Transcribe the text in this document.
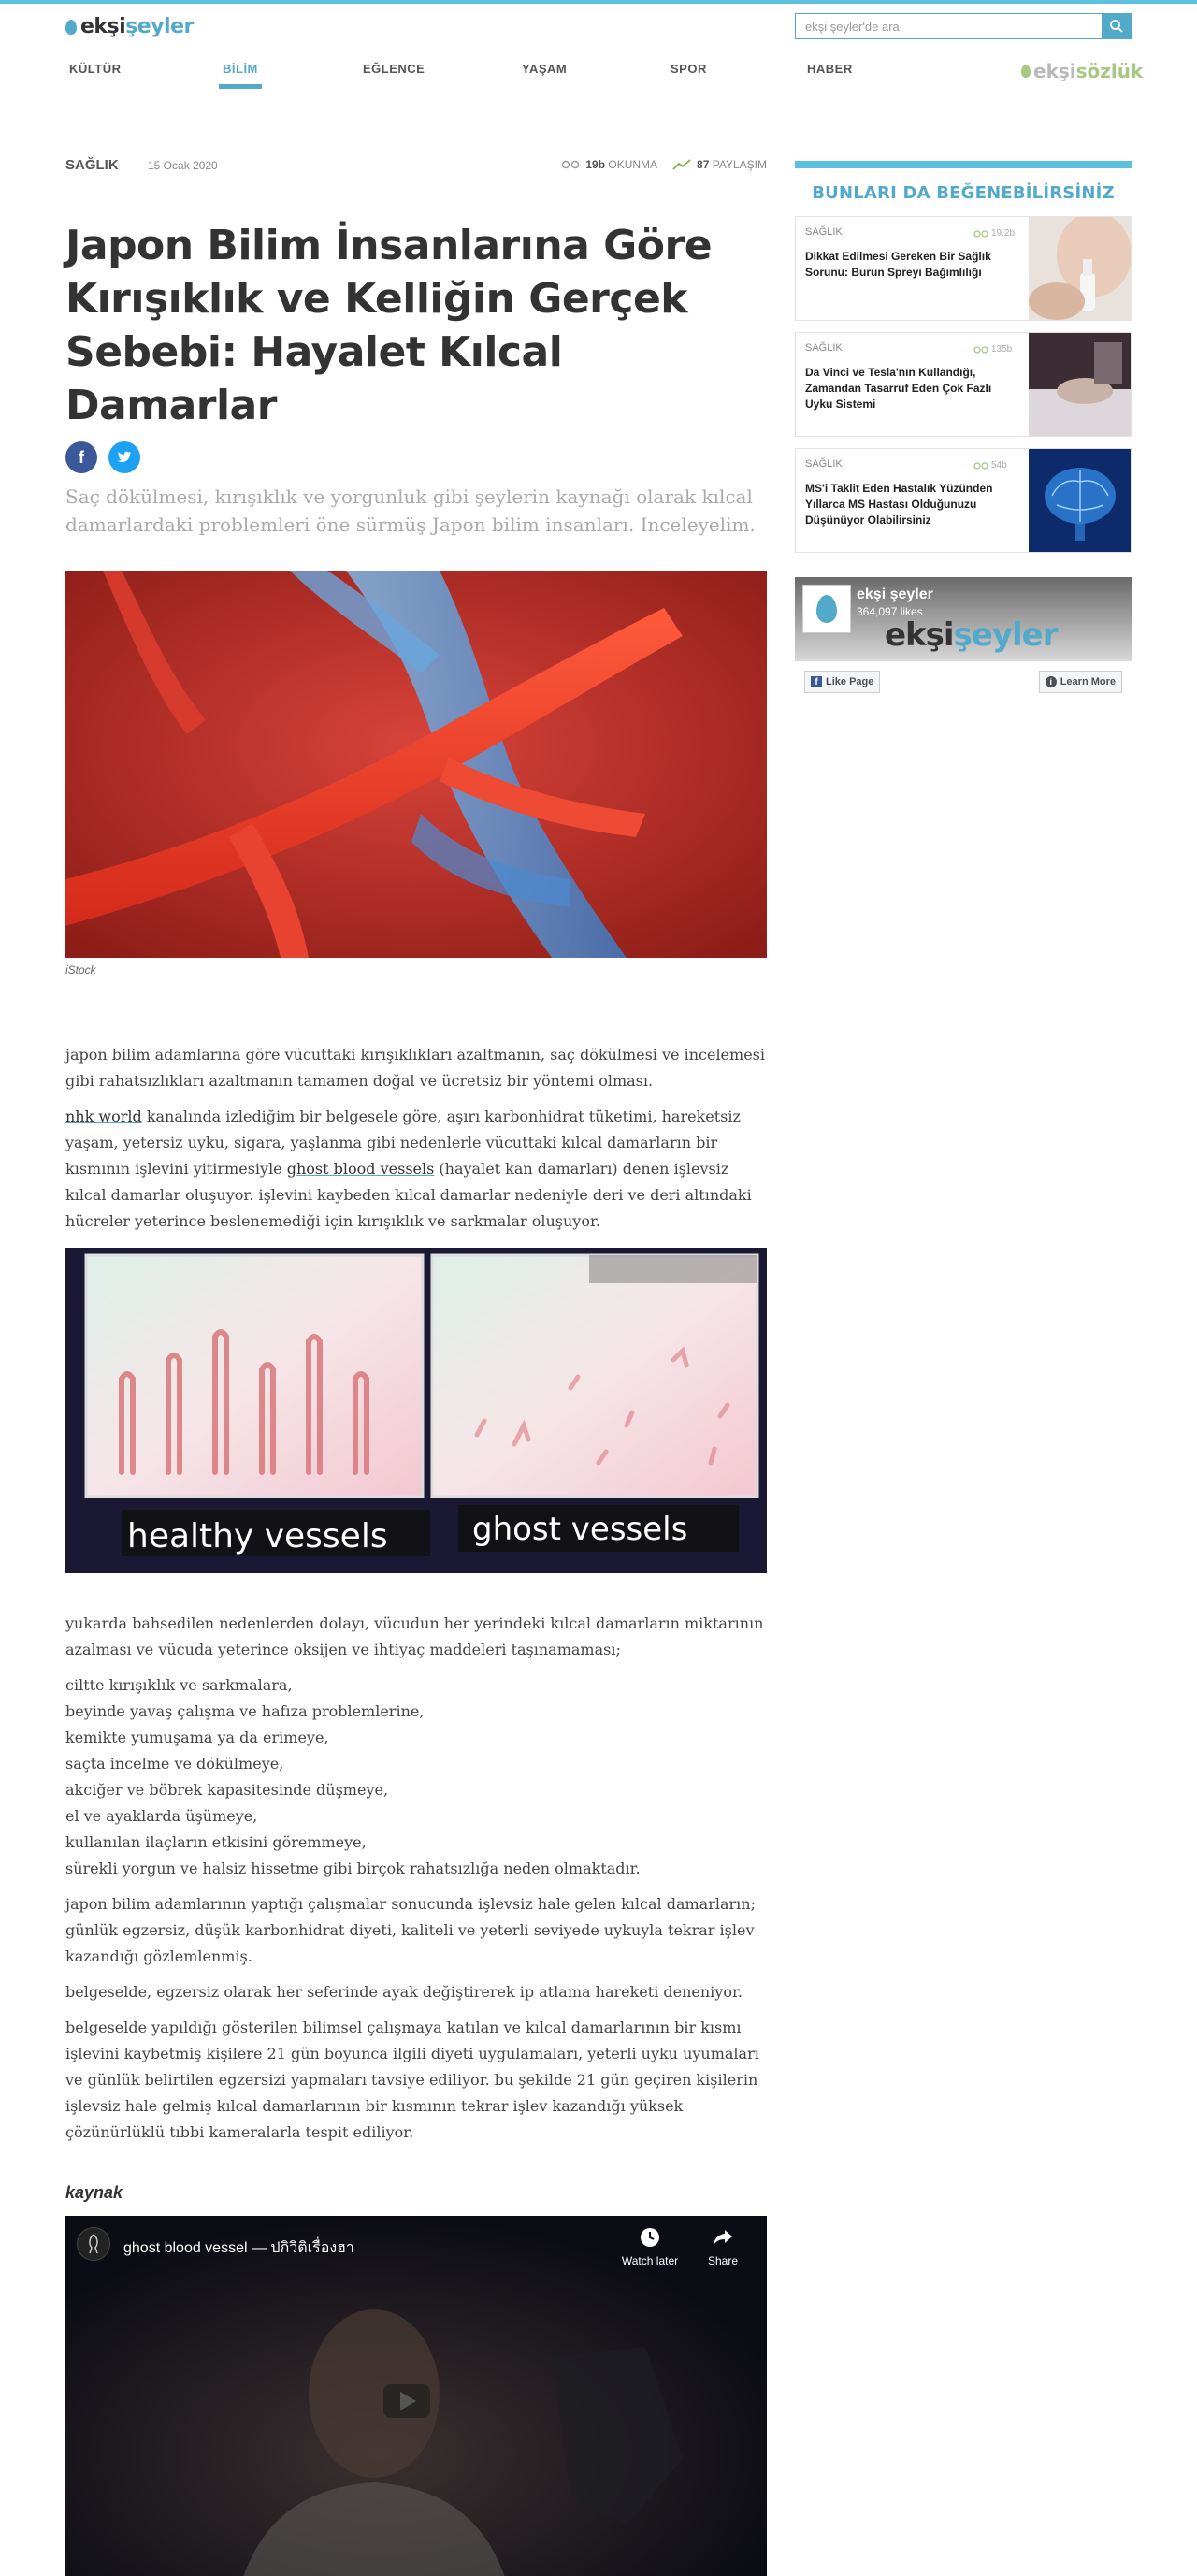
ekşi şeyler
ekşi şeyler'de ara
KÜLTÜR	BİLİM	EĞLENCE	YAŞAM	SPOR	HABER	ekşi sözlük
SAĞLIK	15 Ocak 2020	19b OKUNMA	87 PAYLAŞIM
Japon Bilim İnsanlarına Göre Kırışıklık ve Kelliğin Gerçek Sebebi: Hayalet Kılcal Damarlar
f

Saç dökülmesi, kırışıklık ve yorgunluk gibi şeylerin kaynağı olarak kılcal damarlardaki problemleri öne sürmüş Japon bilim insanları. Inceleyelim.

iStock

japon bilim adamlarına göre vücuttaki kırışıklıkları azaltmanın, saç dökülmesi ve incelemesi gibi rahatsızlıkları azaltmanın tamamen doğal ve ücretsiz bir yöntemi olması.

nhk world kanalında izlediğim bir belgesele göre, aşırı karbonhidrat tüketimi, hareketsiz yaşam, yetersiz uyku, sigara, yaşlanma gibi nedenlerle vücuttaki kılcal damarların bir kısmının işlevini yitirmesiyle ghost blood vessels (hayalet kan damarları) denen işlevsiz kılcal damarlar oluşuyor. işlevini kaybeden kılcal damarlar nedeniyle deri ve deri altındaki hücreler yeterince beslenemediği için kırışıklık ve sarkmalar oluşuyor.

healthy vessels	ghost vessels

yukarda bahsedilen nedenlerden dolayı, vücudun her yerindeki kılcal damarların miktarının azalması ve vücuda yeterince oksijen ve ihtiyaç maddeleri taşınamaması;

ciltte kırışıklık ve sarkmalara,
beyinde yavaş çalışma ve hafıza problemlerine,
kemikte yumuşama ya da erimeye,
saçta incelme ve dökülmeye,
akciğer ve böbrek kapasitesinde düşmeye,
el ve ayaklarda üşümeye,
kullanılan ilaçların etkisini göremmeye,
sürekli yorgun ve halsiz hissetme gibi birçok rahatsızlığa neden olmaktadır.

japon bilim adamlarının yaptığı çalışmalar sonucunda işlevsiz hale gelen kılcal damarların; günlük egzersiz, düşük karbonhidrat diyeti, kaliteli ve yeterli seviyede uykuyla tekrar işlev kazandığı gözlemlenmiş.

belgeselde, egzersiz olarak her seferinde ayak değiştirerek ip atlama hareketi deneniyor.

belgeselde yapıldığı gösterilen bilimsel çalışmaya katılan ve kılcal damarlarının bir kısmı işlevini kaybetmiş kişilere 21 gün boyunca ilgili diyeti uygulamaları, yeterli uyku uyumaları ve günlük belirtilen egzersizi yapmaları tavsiye ediliyor. bu şekilde 21 gün geçiren kişilerin işlevsiz hale gelmiş kılcal damarlarının bir kısmının tekrar işlev kazandığı yüksek çözünürlüklü tıbbi kameralarla tespit ediliyor.

kaynak
ghost blood vessel — ปกิวิติเรื่องฮา
Watch later	Share
BUNLARI DA BEĞENEBİLİRSİNİZ
SAĞLIK	19.2b
Dikkat Edilmesi Gereken Bir Sağlık Sorunu: Burun Spreyi Bağımlılığı
SAĞLIK	135b
Da Vinci ve Tesla'nın Kullandığı, Zamandan Tasarruf Eden Çok Fazlı Uyku Sistemi
SAĞLIK	54b
MS'i Taklit Eden Hastalık Yüzünden Yıllarca MS Hastası Olduğunuzu Düşünüyor Olabilirsiniz
ekşi şeyler
364,097 likes
ekşişeyler
f Like Page	i Learn More
